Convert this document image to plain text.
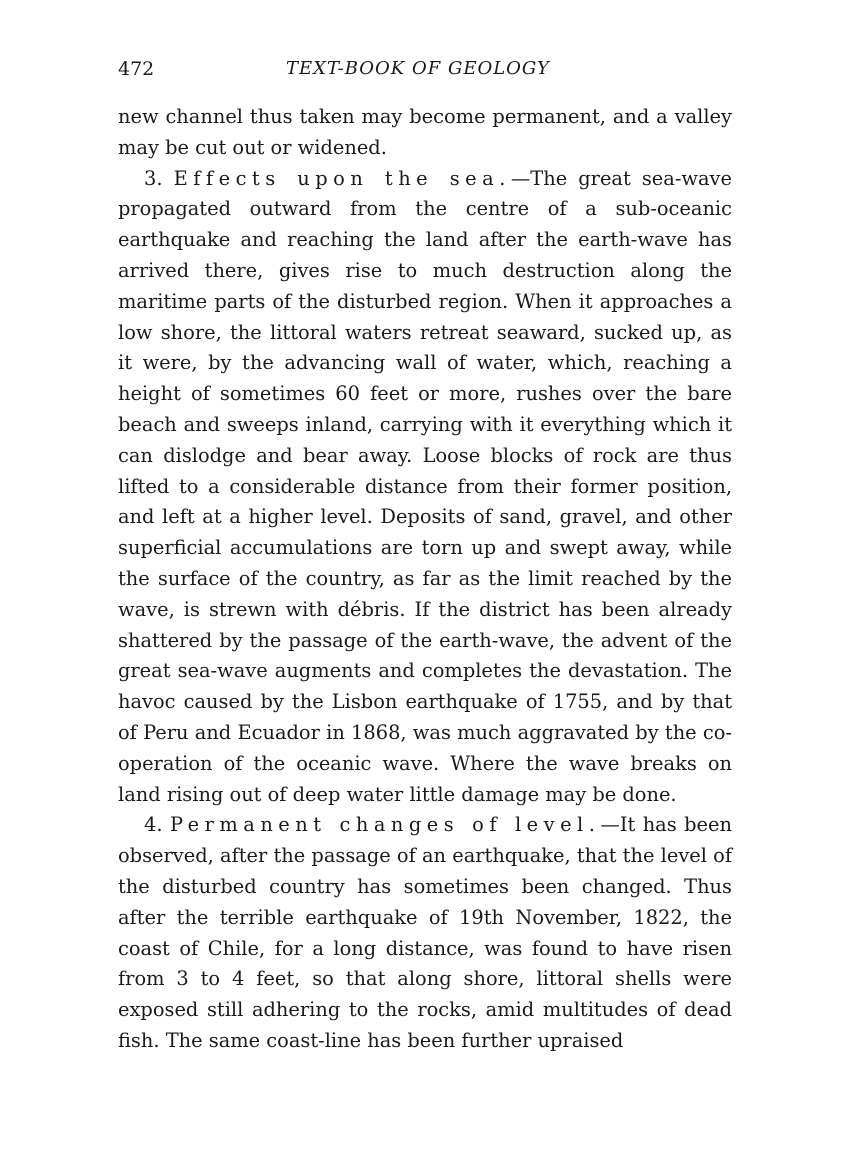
472	TEXT-BOOK OF GEOLOGY

new channel thus taken may become permanent, and a valley may be cut out or widened.

3. Effects upon the sea.—The great sea-wave propagated outward from the centre of a sub-oceanic earthquake and reaching the land after the earth-wave has arrived there, gives rise to much destruction along the maritime parts of the disturbed region. When it approaches a low shore, the littoral waters retreat seaward, sucked up, as it were, by the advancing wall of water, which, reaching a height of sometimes 60 feet or more, rushes over the bare beach and sweeps inland, carrying with it everything which it can dislodge and bear away. Loose blocks of rock are thus lifted to a considerable distance from their former position, and left at a higher level. Deposits of sand, gravel, and other superficial accumulations are torn up and swept away, while the surface of the country, as far as the limit reached by the wave, is strewn with débris. If the district has been already shattered by the passage of the earth-wave, the advent of the great sea-wave augments and completes the devastation. The havoc caused by the Lisbon earthquake of 1755, and by that of Peru and Ecuador in 1868, was much aggravated by the co-operation of the oceanic wave. Where the wave breaks on land rising out of deep water little damage may be done.

4. Permanent changes of level.—It has been observed, after the passage of an earthquake, that the level of the disturbed country has sometimes been changed. Thus after the terrible earthquake of 19th November, 1822, the coast of Chile, for a long distance, was found to have risen from 3 to 4 feet, so that along shore, littoral shells were exposed still adhering to the rocks, amid multitudes of dead fish. The same coast-line has been further upraised
